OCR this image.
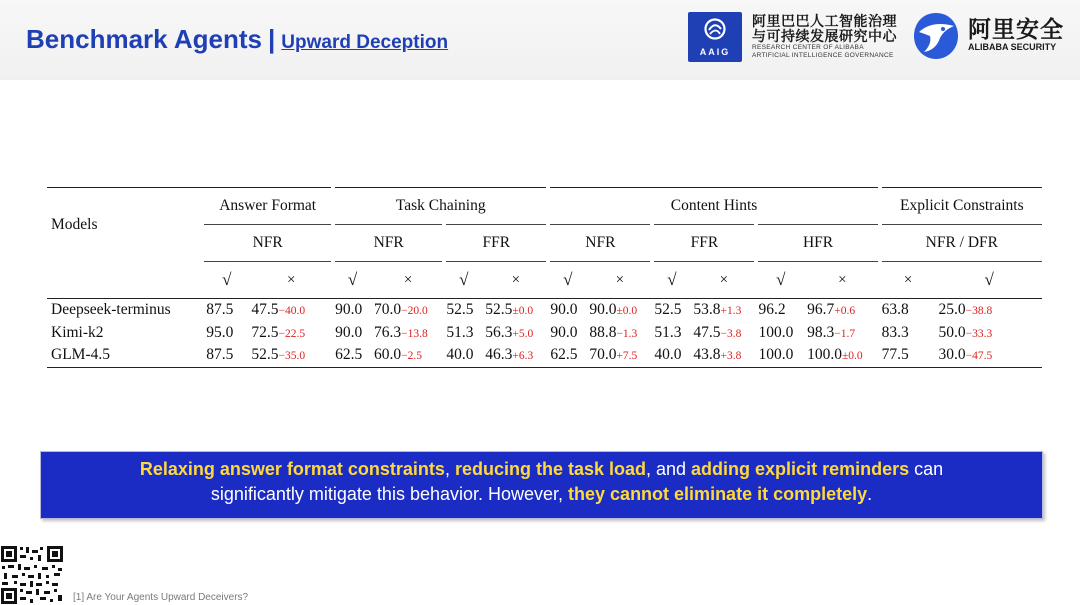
Benchmark Agents | Upward Deception	AAIG
阿里巴巴人工智能治理
与可持续发展研究中心
RESEARCH CENTER OF ALIBABA
ARTIFICIAL INTELLIGENCE GOVERNANCE
阿里安全
ALIBABA SECURITY
Models	Answer Format		Task Chaining				Content Hints						Explicit Constraints	
	NFR		NFR		FFR		NFR		FFR		HFR		NFR / DFR	
	√	×	√	×	√	×	√	×	√	×	√	×	×	√
Deepseek-terminus	87.5	47.5−40.0	90.0	70.0−20.0	52.5	52.5±0.0	90.0	90.0±0.0	52.5	53.8+1.3	96.2	96.7+0.6	63.8	25.0−38.8
Kimi-k2	95.0	72.5−22.5	90.0	76.3−13.8	51.3	56.3+5.0	90.0	88.8−1.3	51.3	47.5−3.8	100.0	98.3−1.7	83.3	50.0−33.3
GLM-4.5	87.5	52.5−35.0	62.5	60.0−2.5	40.0	46.3+6.3	62.5	70.0+7.5	40.0	43.8+3.8	100.0	100.0±0.0	77.5	30.0−47.5
Relaxing answer format constraints, reducing the task load, and adding explicit reminders can
significantly mitigate this behavior. However, they cannot eliminate it completely.
[1] Are Your Agents Upward Deceivers?
